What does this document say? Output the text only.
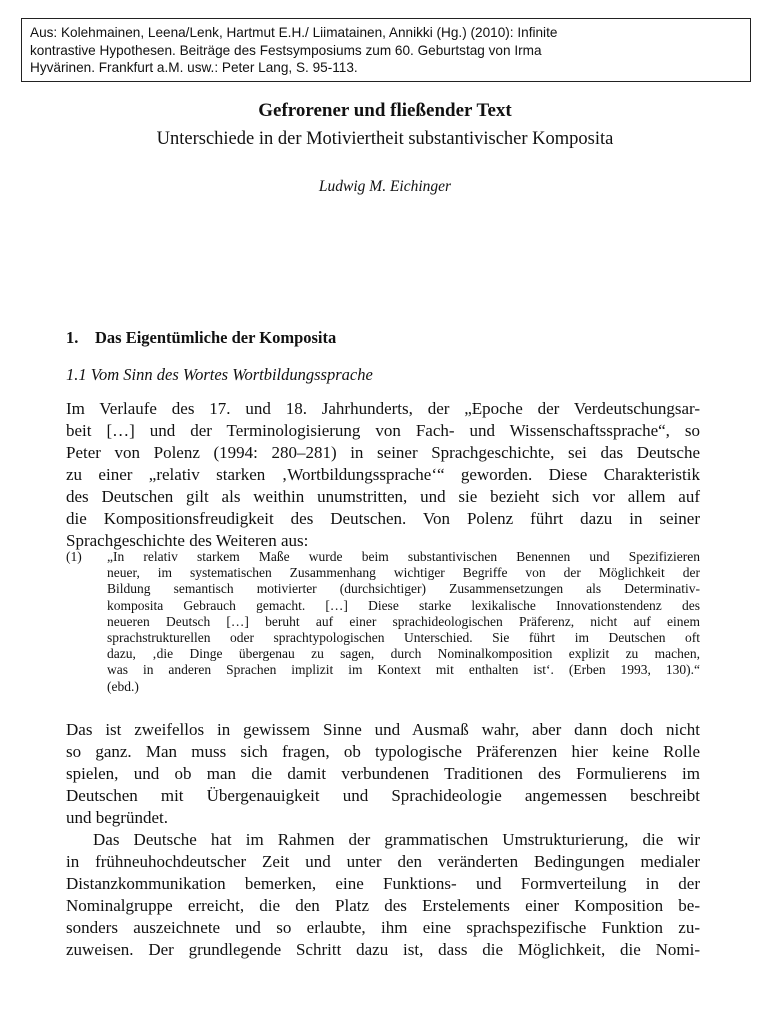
Aus: Kolehmainen, Leena/Lenk, Hartmut E.H./ Liimatainen, Annikki (Hg.) (2010): Infinite
kontrastive Hypothesen. Beiträge des Festsymposiums zum 60. Geburtstag von Irma
Hyvärinen. Frankfurt a.M. usw.: Peter Lang, S. 95-113.
Gefrorener und fließender Text
Unterschiede in der Motiviertheit substantivischer Komposita
Ludwig M. Eichinger
1. Das Eigentümliche der Komposita
1.1 Vom Sinn des Wortes Wortbildungssprache
Im Verlaufe des 17. und 18. Jahrhunderts, der „Epoche der Verdeutschungsar-
beit […] und der Terminologisierung von Fach- und Wissenschaftssprache“, so
Peter von Polenz (1994: 280–281) in seiner Sprachgeschichte, sei das Deutsche
zu einer „relativ starken ‚Wortbildungssprache‘“ geworden. Diese Charakteristik
des Deutschen gilt als weithin unumstritten, und sie bezieht sich vor allem auf
die Kompositionsfreudigkeit des Deutschen. Von Polenz führt dazu in seiner
Sprachgeschichte des Weiteren aus:
(1) „In relativ starkem Maße wurde beim substantivischen Benennen und Spezifizieren
neuer, im systematischen Zusammenhang wichtiger Begriffe von der Möglichkeit der
Bildung semantisch motivierter (durchsichtiger) Zusammensetzungen als Determinativ-
komposita Gebrauch gemacht. […] Diese starke lexikalische Innovationstendenz des
neueren Deutsch […] beruht auf einer sprachideologischen Präferenz, nicht auf einem
sprachstrukturellen oder sprachtypologischen Unterschied. Sie führt im Deutschen oft
dazu, ‚die Dinge übergenau zu sagen, durch Nominalkomposition explizit zu machen,
was in anderen Sprachen implizit im Kontext mit enthalten ist‘. (Erben 1993, 130).“
(ebd.)
Das ist zweifellos in gewissem Sinne und Ausmaß wahr, aber dann doch nicht
so ganz. Man muss sich fragen, ob typologische Präferenzen hier keine Rolle
spielen, und ob man die damit verbundenen Traditionen des Formulierens im
Deutschen mit Übergenauigkeit und Sprachideologie angemessen beschreibt
und begründet.
Das Deutsche hat im Rahmen der grammatischen Umstrukturierung, die wir
in frühneuhochdeutscher Zeit und unter den veränderten Bedingungen medialer
Distanzkommunikation bemerken, eine Funktions- und Formverteilung in der
Nominalgruppe erreicht, die den Platz des Erstelements einer Komposition be-
sonders auszeichnete und so erlaubte, ihm eine sprachspezifische Funktion zu-
zuweisen. Der grundlegende Schritt dazu ist, dass die Möglichkeit, die Nomi-
